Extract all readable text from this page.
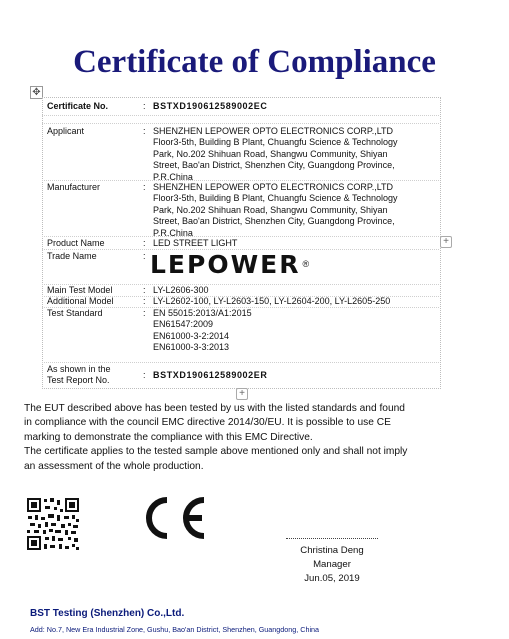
Certificate of Compliance
✥
Certificate No.	: BSTXD190612589002EC
Applicant	: SHENZHEN LEPOWER OPTO ELECTRONICS CORP.,LTD
Floor3-5th, Building B Plant, Chuangfu Science & Technology
Park, No.202 Shihuan Road, Shangwu Community, Shiyan
Street, Bao'an District, Shenzhen City, Guangdong Province,
P.R.China
Manufacturer	: SHENZHEN LEPOWER OPTO ELECTRONICS CORP.,LTD
Floor3-5th, Building B Plant, Chuangfu Science & Technology
Park, No.202 Shihuan Road, Shangwu Community, Shiyan
Street, Bao'an District, Shenzhen City, Guangdong Province,
P.R.China
Product Name	: LED STREET LIGHT	+
Trade Name	: LEPOWER ®
Main Test Model	: LY-L2606-300
Additional Model	: LY-L2602-100, LY-L2603-150, LY-L2604-200, LY-L2605-250
Test Standard	: EN 55015:2013/A1:2015
EN61547:2009
EN61000-3-2:2014
EN61000-3-3:2013
As shown in the
Test Report No.
: BSTXD190612589002ER
+
The EUT described above has been tested by us with the listed standards and found
in compliance with the council EMC directive 2014/30/EU. It is possible to use CE
marking to demonstrate the compliance with this EMC Directive.
The certificate applies to the tested sample above mentioned only and shall not imply
an assessment of the whole production.
Christina Deng
Manager
Jun.05, 2019
BST Testing (Shenzhen) Co.,Ltd.
Add: No.7, New Era Industrial Zone, Gushu, Bao'an District, Shenzhen, Guangdong, China
